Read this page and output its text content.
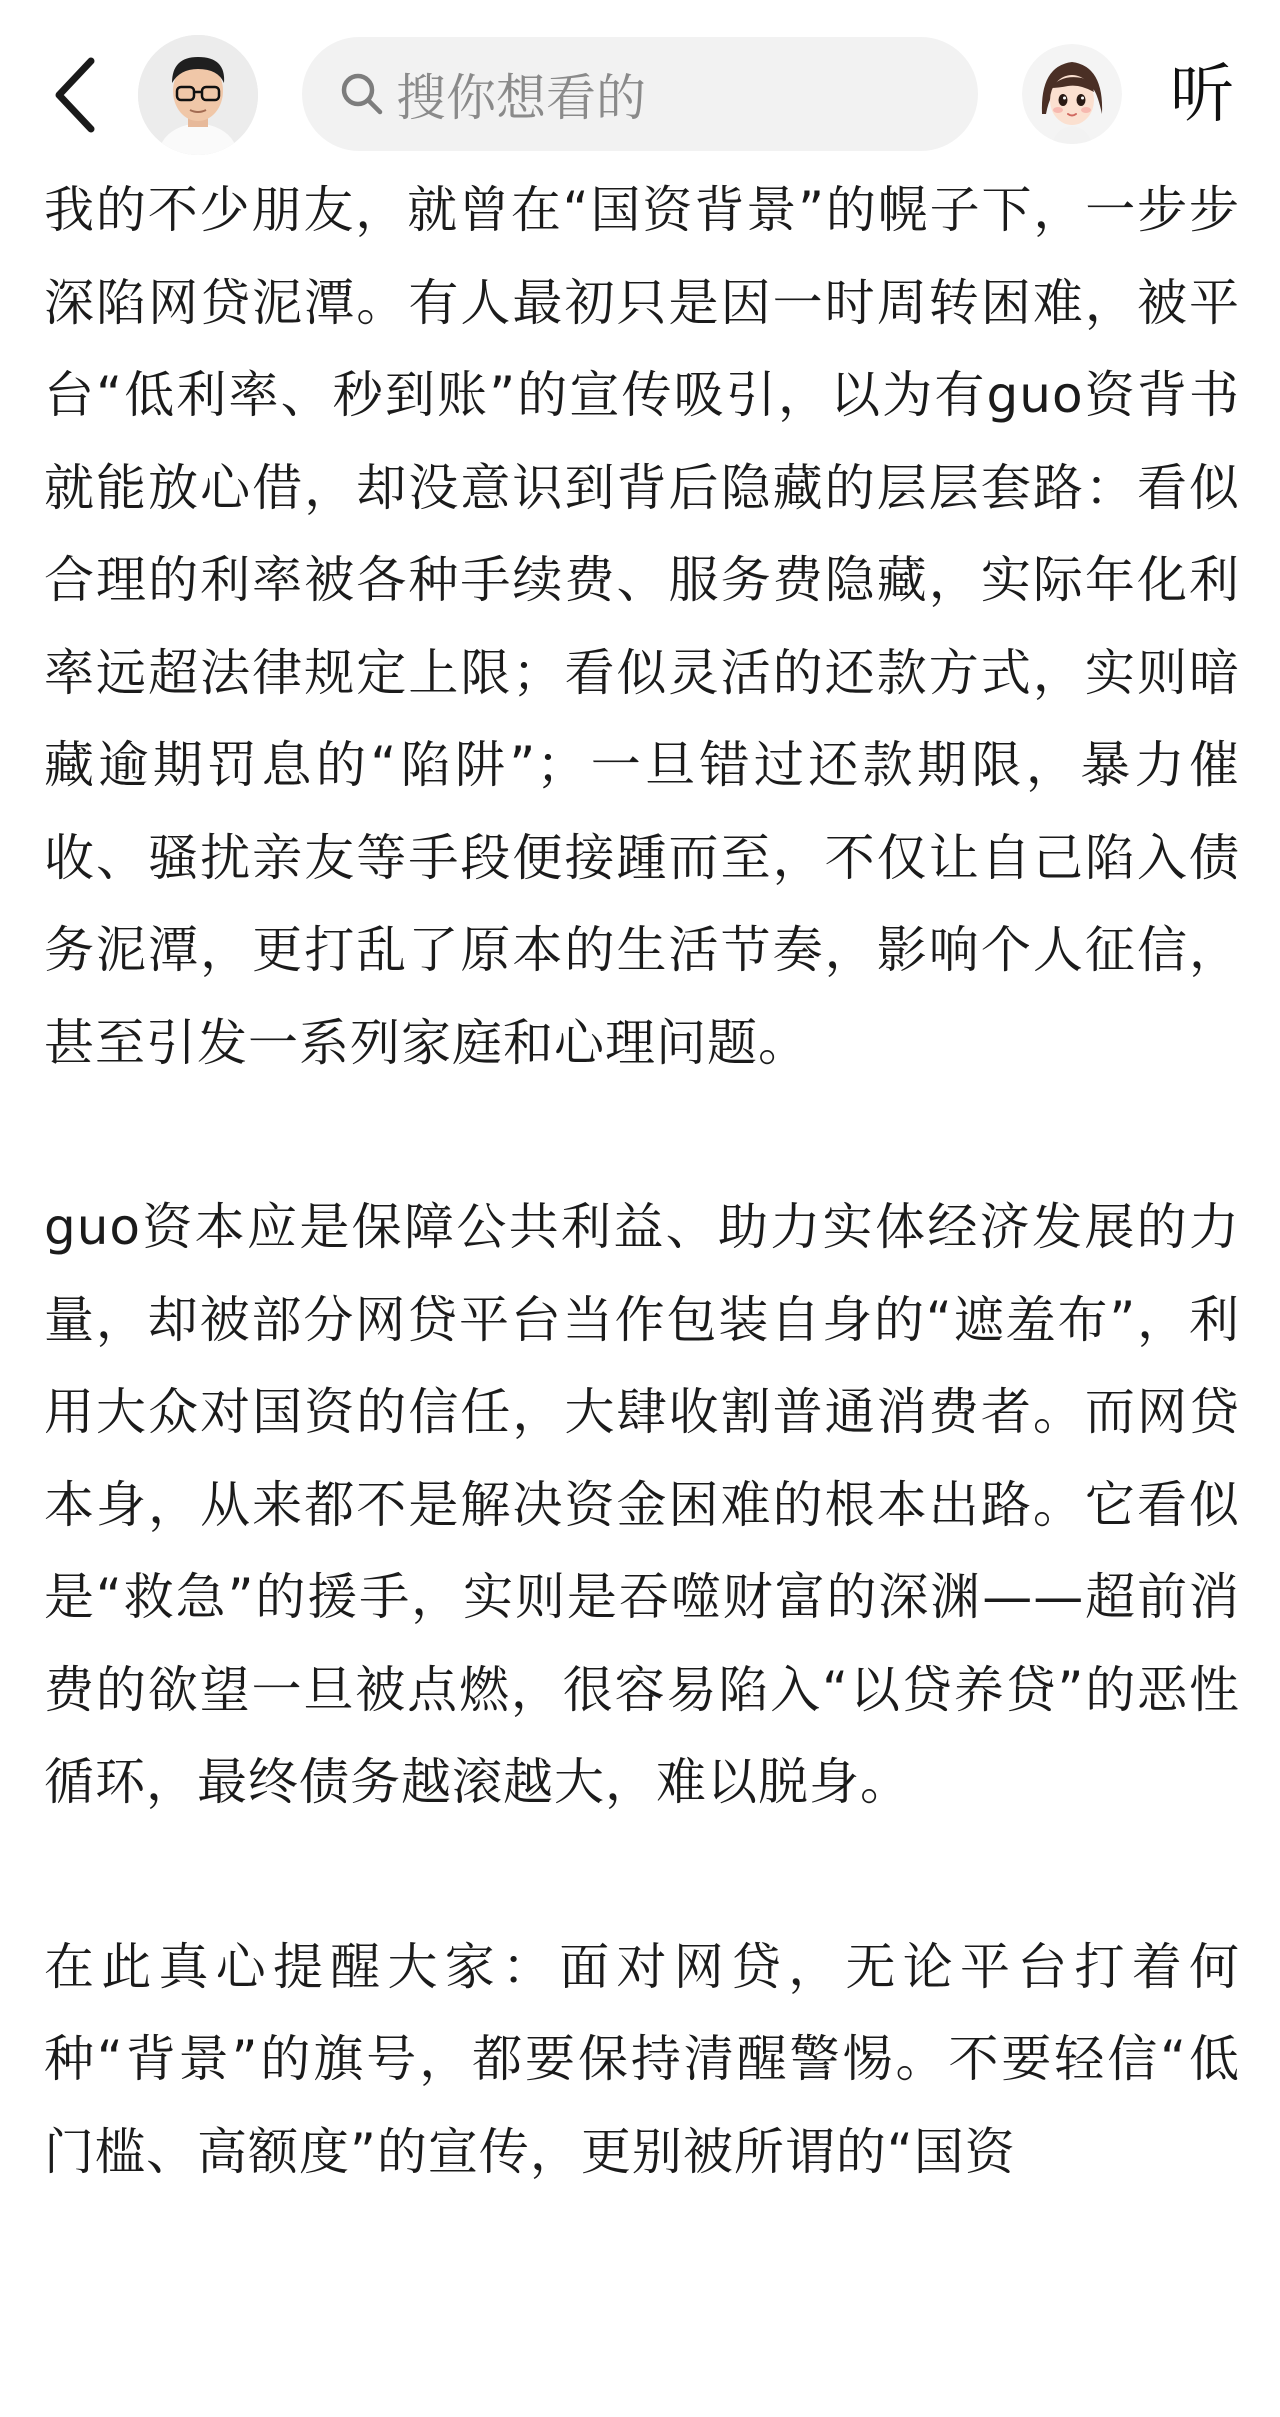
搜你想看的	听

我的不少朋友，就曾在“国资背景”的幌子下，一步步深陷网贷泥潭。有人最初只是因一时周转困难，被平台“低利率、秒到账”的宣传吸引，以为有guo资背书就能放心借，却没意识到背后隐藏的层层套路：看似合理的利率被各种手续费、服务费隐藏，实际年化利率远超法律规定上限；看似灵活的还款方式，实则暗藏逾期罚息的“陷阱”；一旦错过还款期限，暴力催收、骚扰亲友等手段便接踵而至，不仅让自己陷入债务泥潭，更打乱了原本的生活节奏，影响个人征信，甚至引发一系列家庭和心理问题。

guo资本应是保障公共利益、助力实体经济发展的力量，却被部分网贷平台当作包装自身的“遮羞布”，利用大众对国资的信任，大肆收割普通消费者。而网贷本身，从来都不是解决资金困难的根本出路。它看似是“救急”的援手，实则是吞噬财富的深渊——超前消费的欲望一旦被点燃，很容易陷入“以贷养贷”的恶性循环，最终债务越滚越大，难以脱身。

在此真心提醒大家：面对网贷，无论平台打着何种“背景”的旗号，都要保持清醒警惕。不要轻信“低门槛、高额度”的宣传，更别被所谓的“国资
